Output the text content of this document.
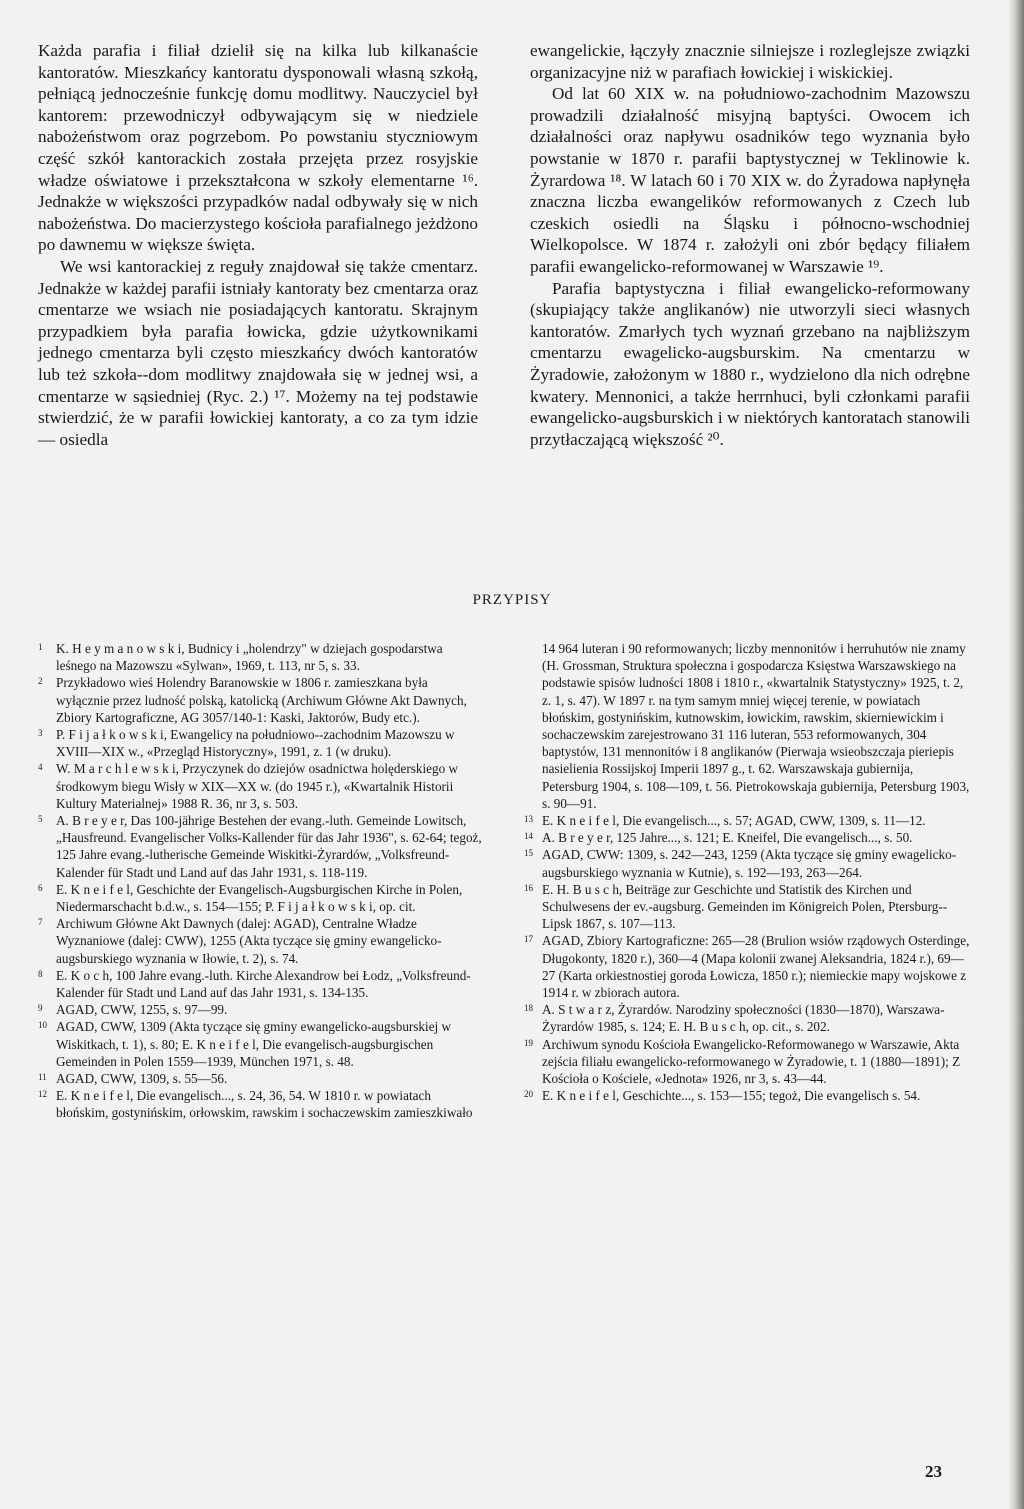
Każda parafia i filiał dzielił się na kilka lub kilkanaście kantoratów. Mieszkańcy kantoratu dysponowali własną szkołą, pełniącą jednocześnie funkcję domu modlitwy. Nauczyciel był kantorem: przewodniczył odbywającym się w niedziele nabożeństwom oraz pogrzebom. Po powstaniu styczniowym część szkół kantorackich została przejęta przez rosyjskie władze oświatowe i przekształcona w szkoły elementarne ¹⁶. Jednakże w większości przypadków nadal odbywały się w nich nabożeństwa. Do macierzystego kościoła parafialnego jeżdżono po dawnemu w większe święta.

We wsi kantorackiej z reguły znajdował się także cmentarz. Jednakże w każdej parafii istniały kantoraty bez cmentarza oraz cmentarze we wsiach nie posiadających kantoratu. Skrajnym przypadkiem była parafia łowicka, gdzie użytkownikami jednego cmentarza byli często mieszkańcy dwóch kantoratów lub też szkoła--dom modlitwy znajdowała się w jednej wsi, a cmentarze w sąsiedniej (Ryc. 2.) ¹⁷. Możemy na tej podstawie stwierdzić, że w parafii łowickiej kantoraty, a co za tym idzie — osiedla

ewangelickie, łączyły znacznie silniejsze i rozleglejsze związki organizacyjne niż w parafiach łowickiej i wiskickiej.

Od lat 60 XIX w. na południowo-zachodnim Mazowszu prowadzili działalność misyjną baptyści. Owocem ich działalności oraz napływu osadników tego wyznania było powstanie w 1870 r. parafii baptystycznej w Teklinowie k. Żyrardowa ¹⁸. W latach 60 i 70 XIX w. do Żyradowa napłynęła znaczna liczba ewangelików reformowanych z Czech lub czeskich osiedli na Śląsku i północno-wschodniej Wielkopolsce. W 1874 r. założyli oni zbór będący filiałem parafii ewangelicko-reformowanej w Warszawie ¹⁹.

Parafia baptystyczna i filiał ewangelicko-reformowany (skupiający także anglikanów) nie utworzyli sieci własnych kantoratów. Zmarłych tych wyznań grzebano na najbliższym cmentarzu ewagelicko-augsburskim. Na cmentarzu w Żyradowie, założonym w 1880 r., wydzielono dla nich odrębne kwatery. Mennonici, a także herrnhuci, byli członkami parafii ewangelicko-augsburskich i w niektórych kantoratach stanowili przytłaczającą większość ²⁰.

PRZYPISY
1	K. H e y m a n o w s k i, Budnicy i „holendrzy" w dziejach gospodarstwa leśnego na Mazowszu «Sylwan», 1969, t. 113, nr 5, s. 33.
2	Przykładowo wieś Holendry Baranowskie w 1806 r. zamieszkana była wyłącznie przez ludność polską, katolicką (Archiwum Główne Akt Dawnych, Zbiory Kartograficzne, AG 3057/140-1: Kaski, Jaktorów, Budy etc.).
3	P. F i j a ł k o w s k i, Ewangelicy na południowo--zachodnim Mazowszu w XVIII—XIX w., «Przegląd Historyczny», 1991, z. 1 (w druku).
4	W. M a r c h l e w s k i, Przyczynek do dziejów osadnictwa holęderskiego w środkowym biegu Wisły w XIX—XX w. (do 1945 r.), «Kwartalnik Historii Kultury Materialnej» 1988 R. 36, nr 3, s. 503.
5	A. B r e y e r, Das 100-jährige Bestehen der evang.-luth. Gemeinde Lowitsch, „Hausfreund. Evangelischer Volks-Kallender für das Jahr 1936", s. 62-64; tegoż, 125 Jahre evang.-lutherische Gemeinde Wiskitki-Żyrardów, „Volksfreund-Kalender für Stadt und Land auf das Jahr 1931, s. 118-119.
6	E. K n e i f e l, Geschichte der Evangelisch-Augsburgischen Kirche in Polen, Niedermarschacht b.d.w., s. 154—155; P. F i j a ł k o w s k i, op. cit.
7	Archiwum Główne Akt Dawnych (dalej: AGAD), Centralne Władze Wyznaniowe (dalej: CWW), 1255 (Akta tyczące się gminy ewangelicko-augsburskiego wyznania w Iłowie, t. 2), s. 74.
8	E. K o c h, 100 Jahre evang.-luth. Kirche Alexandrow bei Łodz, „Volksfreund-Kalender für Stadt und Land auf das Jahr 1931, s. 134-135.
9	AGAD, CWW, 1255, s. 97—99.
10 AGAD, CWW, 1309 (Akta tyczące się gminy ewangelicko-augsburskiej w Wiskitkach, t. 1), s. 80; E. K n e i f e l, Die evangelisch-augsburgischen Gemeinden in Polen 1559—1939, München 1971, s. 48.
11 AGAD, CWW, 1309, s. 55—56.
12 E. K n e i f e l, Die evangelisch..., s. 24, 36, 54. W 1810 r. w powiatach błońskim, gostynińskim, orłowskim, rawskim i sochaczewskim zamieszkiwało
14 964 luteran i 90 reformowanych; liczby mennonitów i herruhutów nie znamy (H. Grossman, Struktura społeczna i gospodarcza Księstwa Warszawskiego na podstawie spisów ludności 1808 i 1810 r., «kwartalnik Statystyczny» 1925, t. 2, z. 1, s. 47). W 1897 r. na tym samym mniej więcej terenie, w powiatach błońskim, gostynińskim, kutnowskim, łowickim, rawskim, skierniewickim i sochaczewskim zarejestrowano 31 116 luteran, 553 reformowanych, 304 baptystów, 131 mennonitów i 8 anglikanów (Pierwaja wsieobszczaja pieriepis nasielienia Rossijskoj Imperii 1897 g., t. 62. Warszawskaja gubiernija, Petersburg 1904, s. 108—109, t. 56. Pietrokowskaja gubiernija, Petersburg 1903, s. 90—91.
13 E. K n e i f e l, Die evangelisch..., s. 57; AGAD, CWW, 1309, s. 11—12.
14 A. B r e y e r, 125 Jahre..., s. 121; E. Kneifel, Die evangelisch..., s. 50.
15 AGAD, CWW: 1309, s. 242—243, 1259 (Akta tyczące się gminy ewagelicko-augsburskiego wyznania w Kutnie), s. 192—193, 263—264.
16 E. H. B u s c h, Beiträge zur Geschichte und Statistik des Kirchen und Schulwesens der ev.-augsburg. Gemeinden im Königreich Polen, Ptersburg--Lipsk 1867, s. 107—113.
17 AGAD, Zbiory Kartograficzne: 265—28 (Brulion wsiów rządowych Osterdinge, Długokonty, 1820 r.), 360—4 (Mapa kolonii zwanej Aleksandria, 1824 r.), 69—27 (Karta orkiestnostiej goroda Łowicza, 1850 r.); niemieckie mapy wojskowe z 1914 r. w zbiorach autora.
18 A. S t w a r z, Żyrardów. Narodziny społeczności (1830—1870), Warszawa-Żyrardów 1985, s. 124; E. H. B u s c h, op. cit., s. 202.
19 Archiwum synodu Kościoła Ewangelicko-Reformowanego w Warszawie, Akta zejścia filiału ewangelicko-reformowanego w Żyradowie, t. 1 (1880—1891); Z Kościoła o Kościele, «Jednota» 1926, nr 3, s. 43—44.
20 E. K n e i f e l, Geschichte..., s. 153—155; tegoż, Die evangelisch s. 54.
23
